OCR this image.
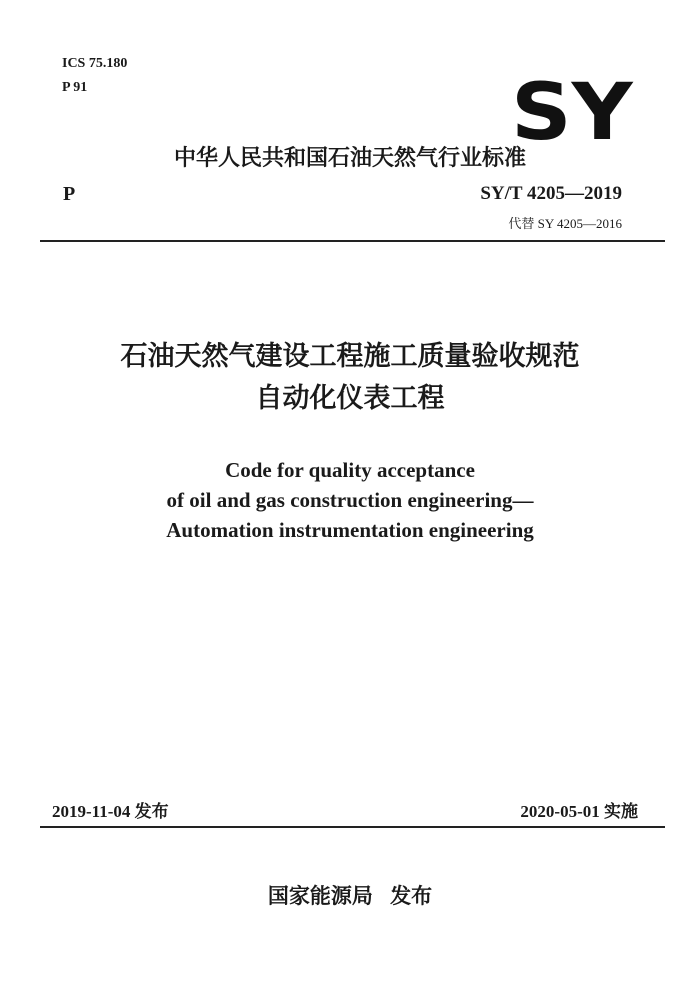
ICS 75.180
P 91	SY
中华人民共和国石油天然气行业标准
P	SY/T 4205—2019
代替 SY 4205—2016
石油天然气建设工程施工质量验收规范
自动化仪表工程
Code for quality acceptance
of oil and gas construction engineering—
Automation instrumentation engineering
2019-11-04 发布	2020-05-01 实施
国家能源局 发布
